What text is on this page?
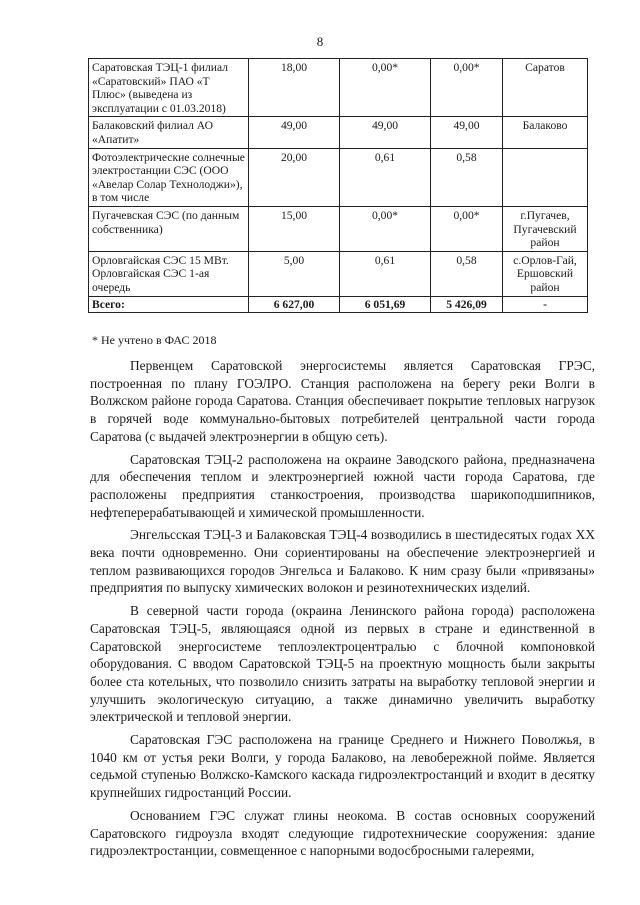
8
Саратовская ТЭЦ-1 филиал «Саратовский» ПАО «Т Плюс» (выведена из эксплуатации с 01.03.2018)	18,00	0,00*	0,00*	Саратов
Балаковский филиал АО «Апатит»	49,00	49,00	49,00	Балаково
Фотоэлектрические солнечные электростанции СЭС (ООО «Авелар Солар Технолоджи»), в том числе	20,00	0,61	0,58	
Пугачевская СЭС (по данным собственника)	15,00	0,00*	0,00*	г.Пугачев, Пугачевский район
Орловгайская СЭС 15 МВт. Орловгайская СЭС 1-ая очередь	5,00	0,61	0,58	с.Орлов-Гай, Ершовский район
Всего:	6 627,00	6 051,69	5 426,09	-
* Не учтено в ФАС 2018

Первенцем Саратовской энергосистемы является Саратовская ГРЭС, построенная по плану ГОЭЛРО. Станция расположена на берегу реки Волги в Волжском районе города Саратова. Станция обеспечивает покрытие тепловых нагрузок в горячей воде коммунально-бытовых потребителей центральной части города Саратова (с выдачей электроэнергии в общую сеть).

Саратовская ТЭЦ-2 расположена на окраине Заводского района, предназначена для обеспечения теплом и электроэнергией южной части города Саратова, где расположены предприятия станкостроения, производства шарикоподшипников, нефтеперерабатывающей и химической промышленности.

Энгельсская ТЭЦ-3 и Балаковская ТЭЦ-4 возводились в шестидесятых годах XX века почти одновременно. Они сориентированы на обеспечение электроэнергией и теплом развивающихся городов Энгельса и Балаково. К ним сразу были «привязаны» предприятия по выпуску химических волокон и резинотехнических изделий.

В северной части города (окраина Ленинского района города) расположена Саратовская ТЭЦ-5, являющаяся одной из первых в стране и единственной в Саратовской энергосистеме теплоэлектроцентралью с блочной компоновкой оборудования. С вводом Саратовской ТЭЦ-5 на проектную мощность были закрыты более ста котельных, что позволило снизить затраты на выработку тепловой энергии и улучшить экологическую ситуацию, а также динамично увеличить выработку электрической и тепловой энергии.

Саратовская ГЭС расположена на границе Среднего и Нижнего Поволжья, в 1040 км от устья реки Волги, у города Балаково, на левобережной пойме. Является седьмой ступенью Волжско-Камского каскада гидроэлектростанций и входит в десятку крупнейших гидростанций России.

Основанием ГЭС служат глины неокома. В состав основных сооружений Саратовского гидроузла входят следующие гидротехнические сооружения: здание гидроэлектростанции, совмещенное с напорными водосбросными галереями,
